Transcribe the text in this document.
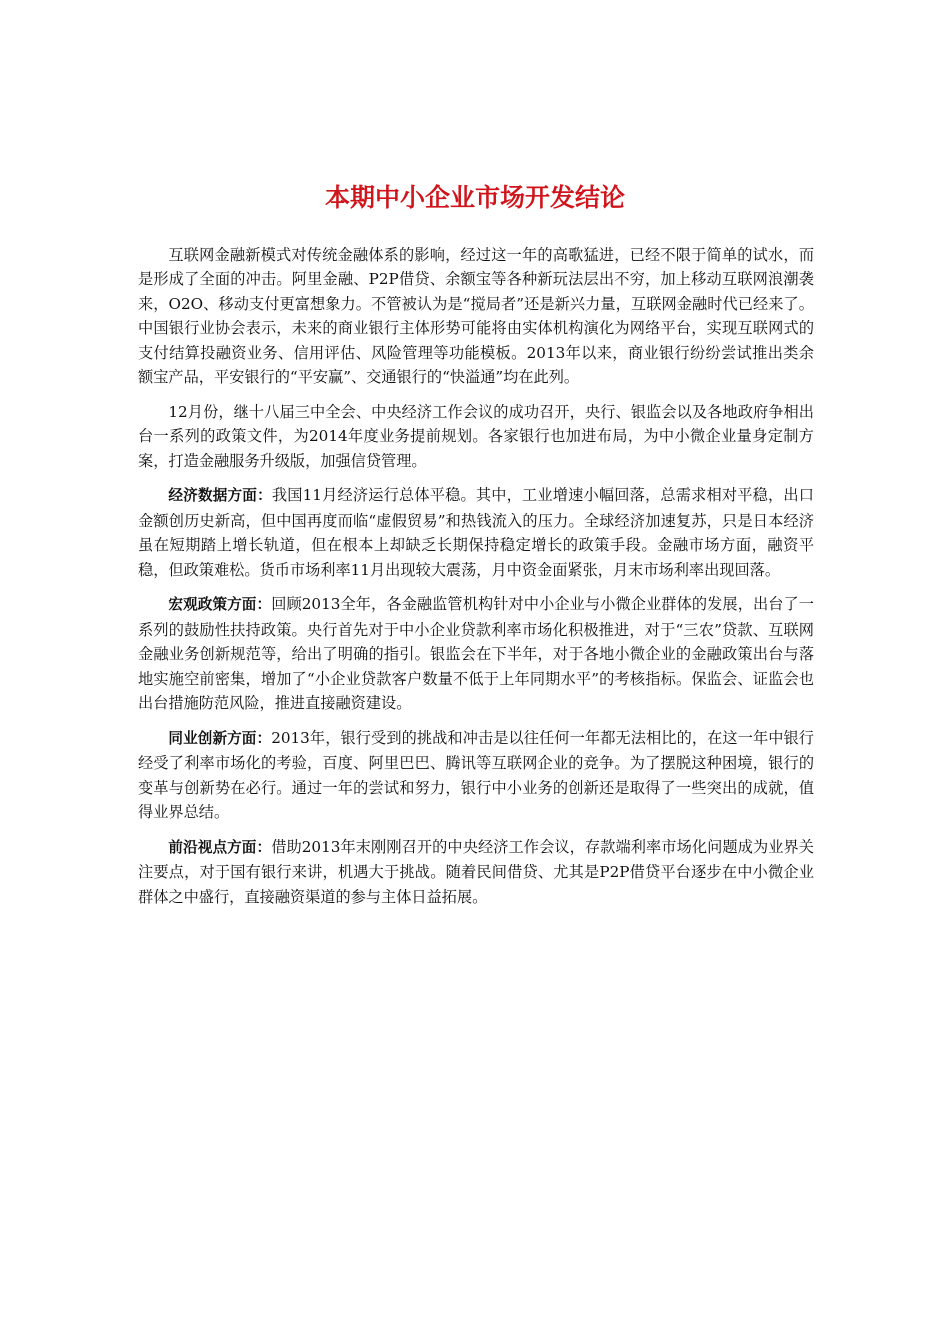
本期中小企业市场开发结论

互联网金融新模式对传统金融体系的影响，经过这一年的高歌猛进，已经不限于简单的试水，而是形成了全面的冲击。阿里金融、P2P借贷、余额宝等各种新玩法层出不穷，加上移动互联网浪潮袭来，O2O、移动支付更富想象力。不管被认为是“搅局者”还是新兴力量，互联网金融时代已经来了。中国银行业协会表示，未来的商业银行主体形势可能将由实体机构演化为网络平台，实现互联网式的支付结算投融资业务、信用评估、风险管理等功能模板。2013年以来，商业银行纷纷尝试推出类余额宝产品，平安银行的“平安赢”、交通银行的“快溢通”均在此列。

12月份，继十八届三中全会、中央经济工作会议的成功召开，央行、银监会以及各地政府争相出台一系列的政策文件，为2014年度业务提前规划。各家银行也加进布局，为中小微企业量身定制方案，打造金融服务升级版，加强信贷管理。

经济数据方面：我国11月经济运行总体平稳。其中，工业增速小幅回落，总需求相对平稳，出口金额创历史新高，但中国再度而临“虚假贸易”和热钱流入的压力。全球经济加速复苏，只是日本经济虽在短期踏上增长轨道，但在根本上却缺乏长期保持稳定增长的政策手段。金融市场方面，融资平稳，但政策难松。货币市场利率11月出现较大震荡，月中资金面紧张，月末市场利率出现回落。

宏观政策方面：回顾2013全年，各金融监管机构针对中小企业与小微企业群体的发展，出台了一系列的鼓励性扶持政策。央行首先对于中小企业贷款利率市场化积极推进，对于“三农”贷款、互联网金融业务创新规范等，给出了明确的指引。银监会在下半年，对于各地小微企业的金融政策出台与落地实施空前密集，增加了“小企业贷款客户数量不低于上年同期水平”的考核指标。保监会、证监会也出台措施防范风险，推进直接融资建设。

同业创新方面：2013年，银行受到的挑战和冲击是以往任何一年都无法相比的，在这一年中银行经受了利率市场化的考验，百度、阿里巴巴、腾讯等互联网企业的竞争。为了摆脱这种困境，银行的变革与创新势在必行。通过一年的尝试和努力，银行中小业务的创新还是取得了一些突出的成就，值得业界总结。

前沿视点方面：借助2013年末刚刚召开的中央经济工作会议，存款端利率市场化问题成为业界关注要点，对于国有银行来讲，机遇大于挑战。随着民间借贷、尤其是P2P借贷平台逐步在中小微企业群体之中盛行，直接融资渠道的参与主体日益拓展。
